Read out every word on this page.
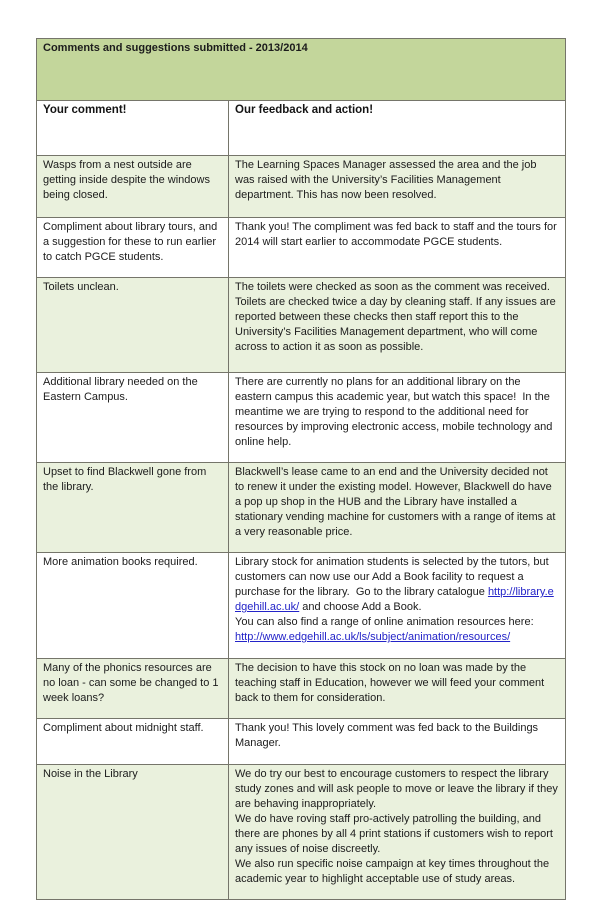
Comments and suggestions submitted - 2013/2014	
Your comment!	Our feedback and action!

Wasps from a nest outside are getting inside despite the windows being closed.	The Learning Spaces Manager assessed the area and the job was raised with the University’s Facilities Management department. This has now been resolved.

Compliment about library tours, and a suggestion for these to run earlier to catch PGCE students.	Thank you! The compliment was fed back to staff and the tours for 2014 will start earlier to accommodate PGCE students.

Toilets unclean.	The toilets were checked as soon as the comment was received. Toilets are checked twice a day by cleaning staff. If any issues are reported between these checks then staff report this to the University’s Facilities Management department, who will come across to action it as soon as possible.

Additional library needed on the Eastern Campus.	There are currently no plans for an additional library on the eastern campus this academic year, but watch this space!  In the meantime we are trying to respond to the additional need for resources by improving electronic access, mobile technology and online help.

Upset to find Blackwell gone from the library.	Blackwell’s lease came to an end and the University decided not to renew it under the existing model. However, Blackwell do have a pop up shop in the HUB and the Library have installed a stationary vending machine for customers with a range of items at a very reasonable price.

More animation books required.	Library stock for animation students is selected by the tutors, but customers can now use our Add a Book facility to request a purchase for the library.  Go to the library catalogue http://library.edgehill.ac.uk/ and choose Add a Book.
You can also find a range of online animation resources here:
http://www.edgehill.ac.uk/ls/subject/animation/resources/

Many of the phonics resources are no loan - can some be changed to 1 week loans?	The decision to have this stock on no loan was made by the teaching staff in Education, however we will feed your comment back to them for consideration.

Compliment about midnight staff.	Thank you! This lovely comment was fed back to the Buildings Manager.

Noise in the Library	We do try our best to encourage customers to respect the library study zones and will ask people to move or leave the library if they are behaving inappropriately.
We do have roving staff pro-actively patrolling the building, and there are phones by all 4 print stations if customers wish to report any issues of noise discreetly.
We also run specific noise campaign at key times throughout the academic year to highlight acceptable use of study areas.
